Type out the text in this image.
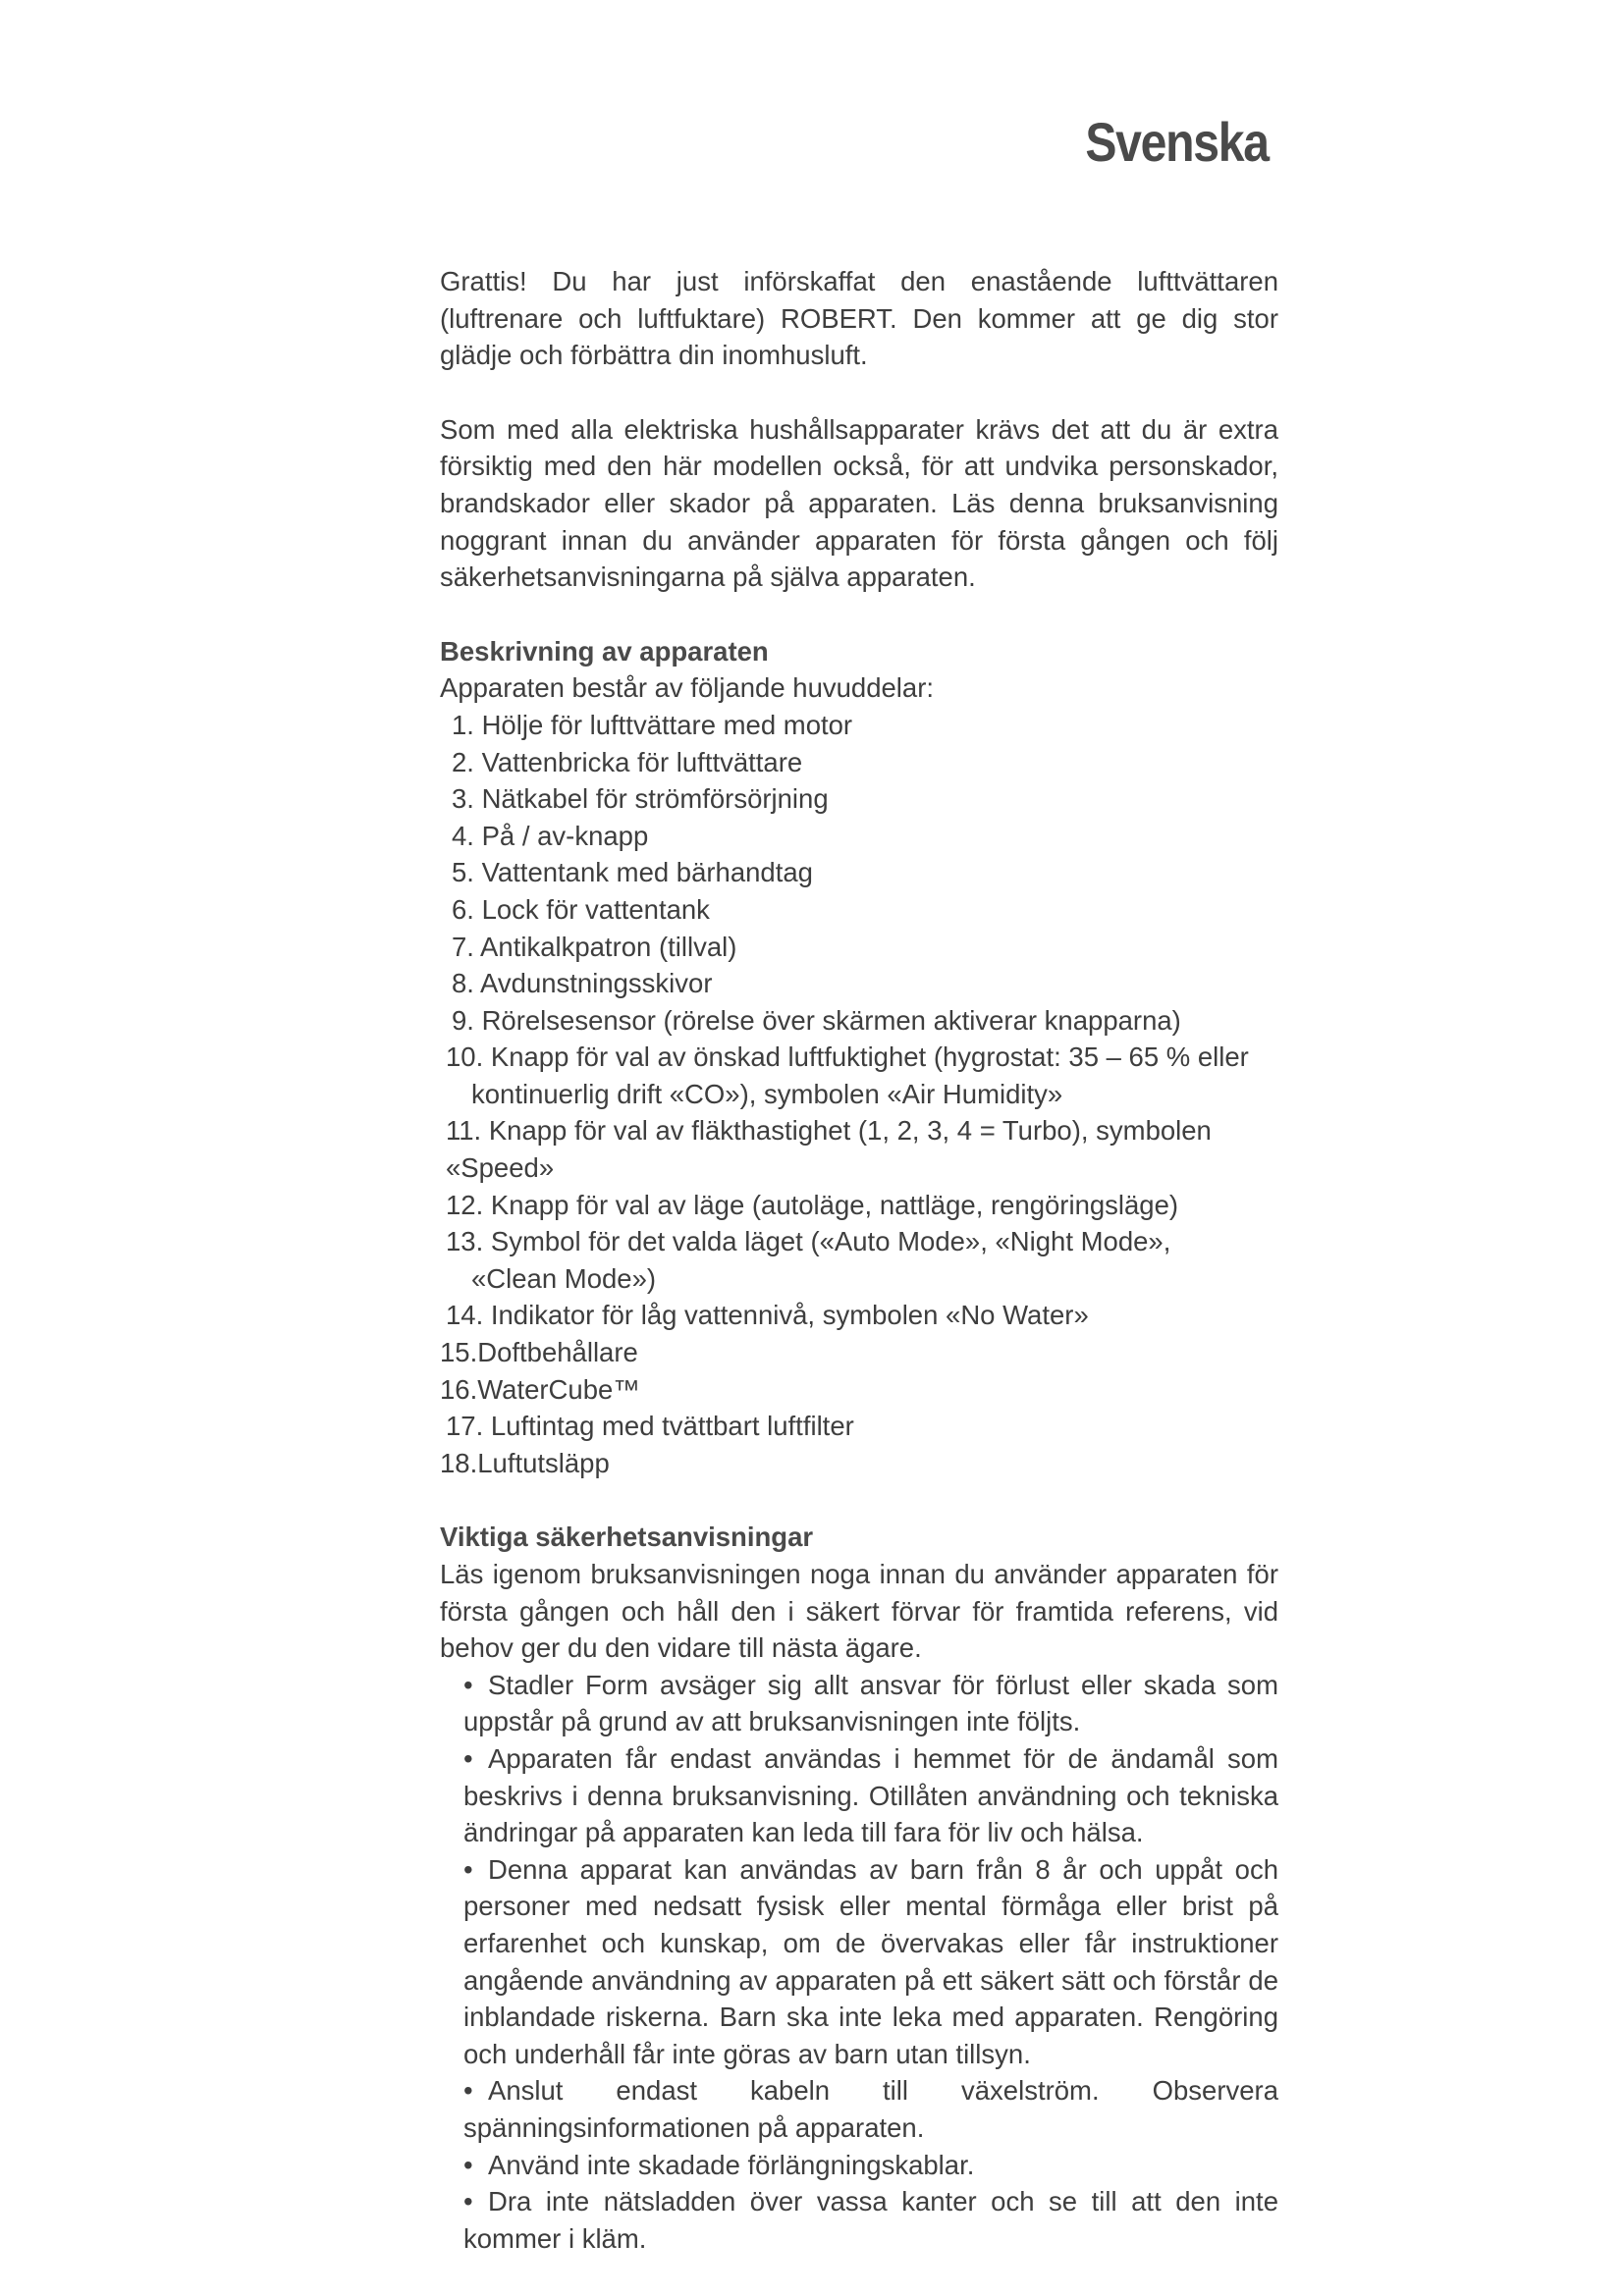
Svenska

Grattis! Du har just införskaffat den enastående lufttvättaren (luftrenare och luftfuktare) ROBERT. Den kommer att ge dig stor glädje och förbättra din inomhusluft.

Som med alla elektriska hushållsapparater krävs det att du är extra försiktig med den här modellen också, för att undvika personskador, brandskador eller skador på apparaten. Läs denna bruksanvisning noggrant innan du använder apparaten för första gången och följ säkerhetsanvisningarna på själva apparaten.

Beskrivning av apparaten

Apparaten består av följande huvuddelar:

1. Hölje för lufttvättare med motor
2. Vattenbricka för lufttvättare
3. Nätkabel för strömförsörjning
4. På / av-knapp
5. Vattentank med bärhandtag
6. Lock för vattentank
7. Antikalkpatron (tillval)
8. Avdunstningsskivor
9. Rörelsesensor (rörelse över skärmen aktiverar knapparna)
10. Knapp för val av önskad luftfuktighet (hygrostat: 35 – 65 % eller
kontinuerlig drift «CO»), symbolen «Air Humidity»
11. Knapp för val av fläkthastighet (1, 2, 3, 4 = Turbo), symbolen «Speed»
12. Knapp för val av läge (autoläge, nattläge, rengöringsläge)
13. Symbol för det valda läget («Auto Mode», «Night Mode»,
«Clean Mode»)
14. Indikator för låg vattennivå, symbolen «No Water»
15.Doftbehållare
16.WaterCube™
17. Luftintag med tvättbart luftfilter
18.Luftutsläpp

Viktiga säkerhetsanvisningar

Läs igenom bruksanvisningen noga innan du använder apparaten för första gången och håll den i säkert förvar för framtida referens, vid behov ger du den vidare till nästa ägare.

• Stadler Form avsäger sig allt ansvar för förlust eller skada som uppstår på grund av att bruksanvisningen inte följts.
• Apparaten får endast användas i hemmet för de ändamål som beskrivs i denna bruksanvisning. Otillåten användning och tekniska ändringar på apparaten kan leda till fara för liv och hälsa.
• Denna apparat kan användas av barn från 8 år och uppåt och personer med nedsatt fysisk eller mental förmåga eller brist på erfarenhet och kunskap, om de övervakas eller får instruktioner angående användning av apparaten på ett säkert sätt och förstår de inblandade riskerna. Barn ska inte leka med apparaten. Rengöring och underhåll får inte göras av barn utan tillsyn.
• Anslut endast kabeln till växelström. Observera spänningsinformationen på apparaten.
• Använd inte skadade förlängningskablar.
• Dra inte nätsladden över vassa kanter och se till att den inte kommer i kläm.
